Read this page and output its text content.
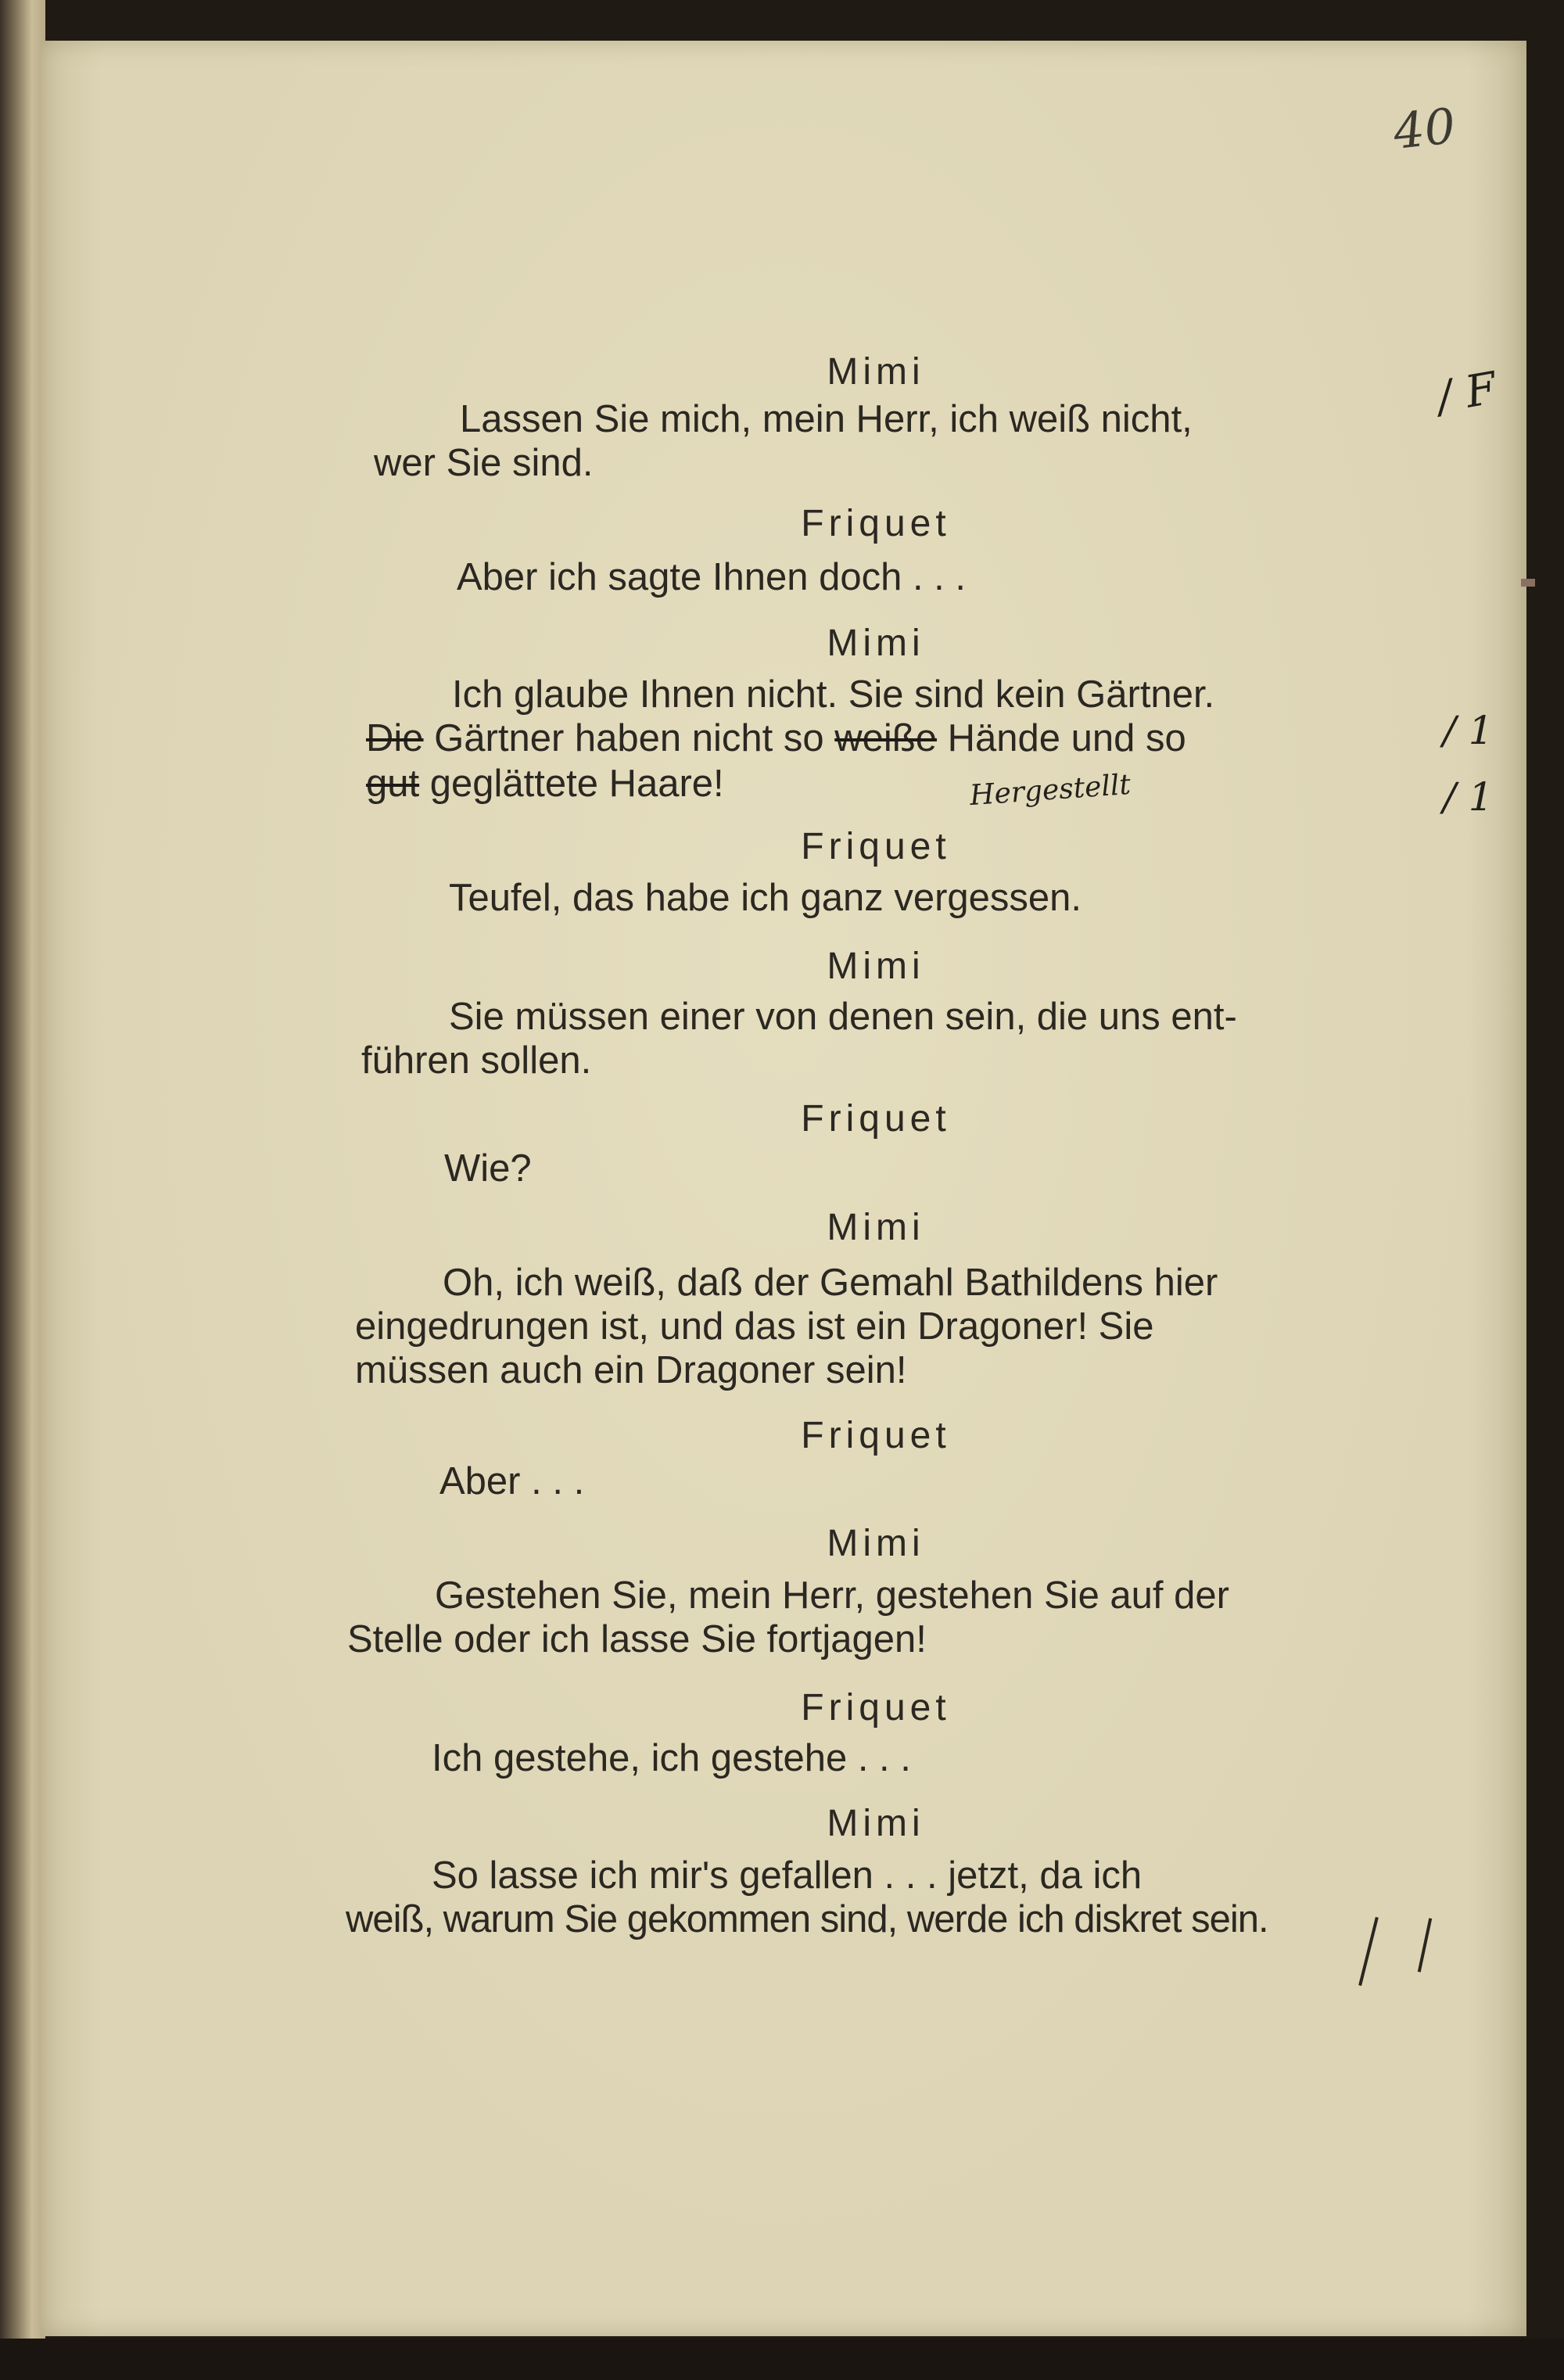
40
Mimi
Lassen Sie mich, mein Herr, ich weiß nicht,
wer Sie sind.
/ F
Friquet
Aber ich sagte Ihnen doch . . .
Mimi
Ich glaube Ihnen nicht. Sie sind kein Gärtner.
Die Gärtner haben nicht so weiße Hände und so
gut geglättete Haare!	Hergestellt
/ 1
/ 1
Friquet
Teufel, das habe ich ganz vergessen.
Mimi
Sie müssen einer von denen sein, die uns ent-
führen sollen.
Friquet
Wie?
Mimi
Oh, ich weiß, daß der Gemahl Bathildens hier
eingedrungen ist, und das ist ein Dragoner! Sie
müssen auch ein Dragoner sein!
Friquet
Aber . . .
Mimi
Gestehen Sie, mein Herr, gestehen Sie auf der
Stelle oder ich lasse Sie fortjagen!
Friquet
Ich gestehe, ich gestehe . . .
Mimi
So lasse ich mir's gefallen . . . jetzt, da ich
weiß, warum Sie gekommen sind, werde ich diskret sein.
